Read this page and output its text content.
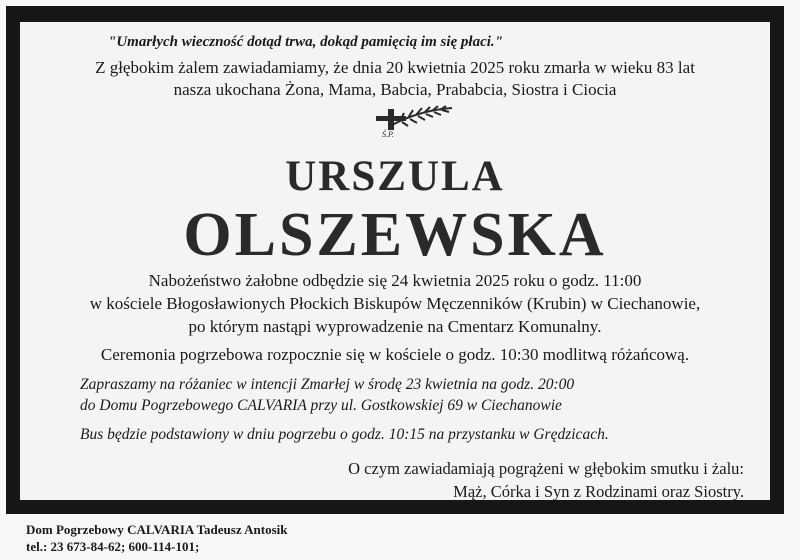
"Umarłych wieczność dotąd trwa, dokąd pamięcią im się płaci."
Z głębokim żalem zawiadamiamy, że dnia 20 kwietnia 2025 roku zmarła w wieku 83 lat
nasza ukochana Żona, Mama, Babcia, Prababcia, Siostra i Ciocia
Ś.P.
URSZULA
OLSZEWSKA
Nabożeństwo żałobne odbędzie się 24 kwietnia 2025 roku o godz. 11:00
w kościele Błogosławionych Płockich Biskupów Męczenników (Krubin) w Ciechanowie,
po którym nastąpi wyprowadzenie na Cmentarz Komunalny.
Ceremonia pogrzebowa rozpocznie się w kościele o godz. 10:30 modlitwą różańcową.
Zapraszamy na różaniec w intencji Zmarłej w środę 23 kwietnia na godz. 20:00
do Domu Pogrzebowego CALVARIA przy ul. Gostkowskiej 69 w Ciechanowie
Bus będzie podstawiony w dniu pogrzebu o godz. 10:15 na przystanku w Grędzicach.
O czym zawiadamiają pogrążeni w głębokim smutku i żalu:
Mąż, Córka i Syn z Rodzinami oraz Siostry.
Dom Pogrzebowy CALVARIA Tadeusz Antosik
tel.: 23 673-84-62; 600-114-101;
